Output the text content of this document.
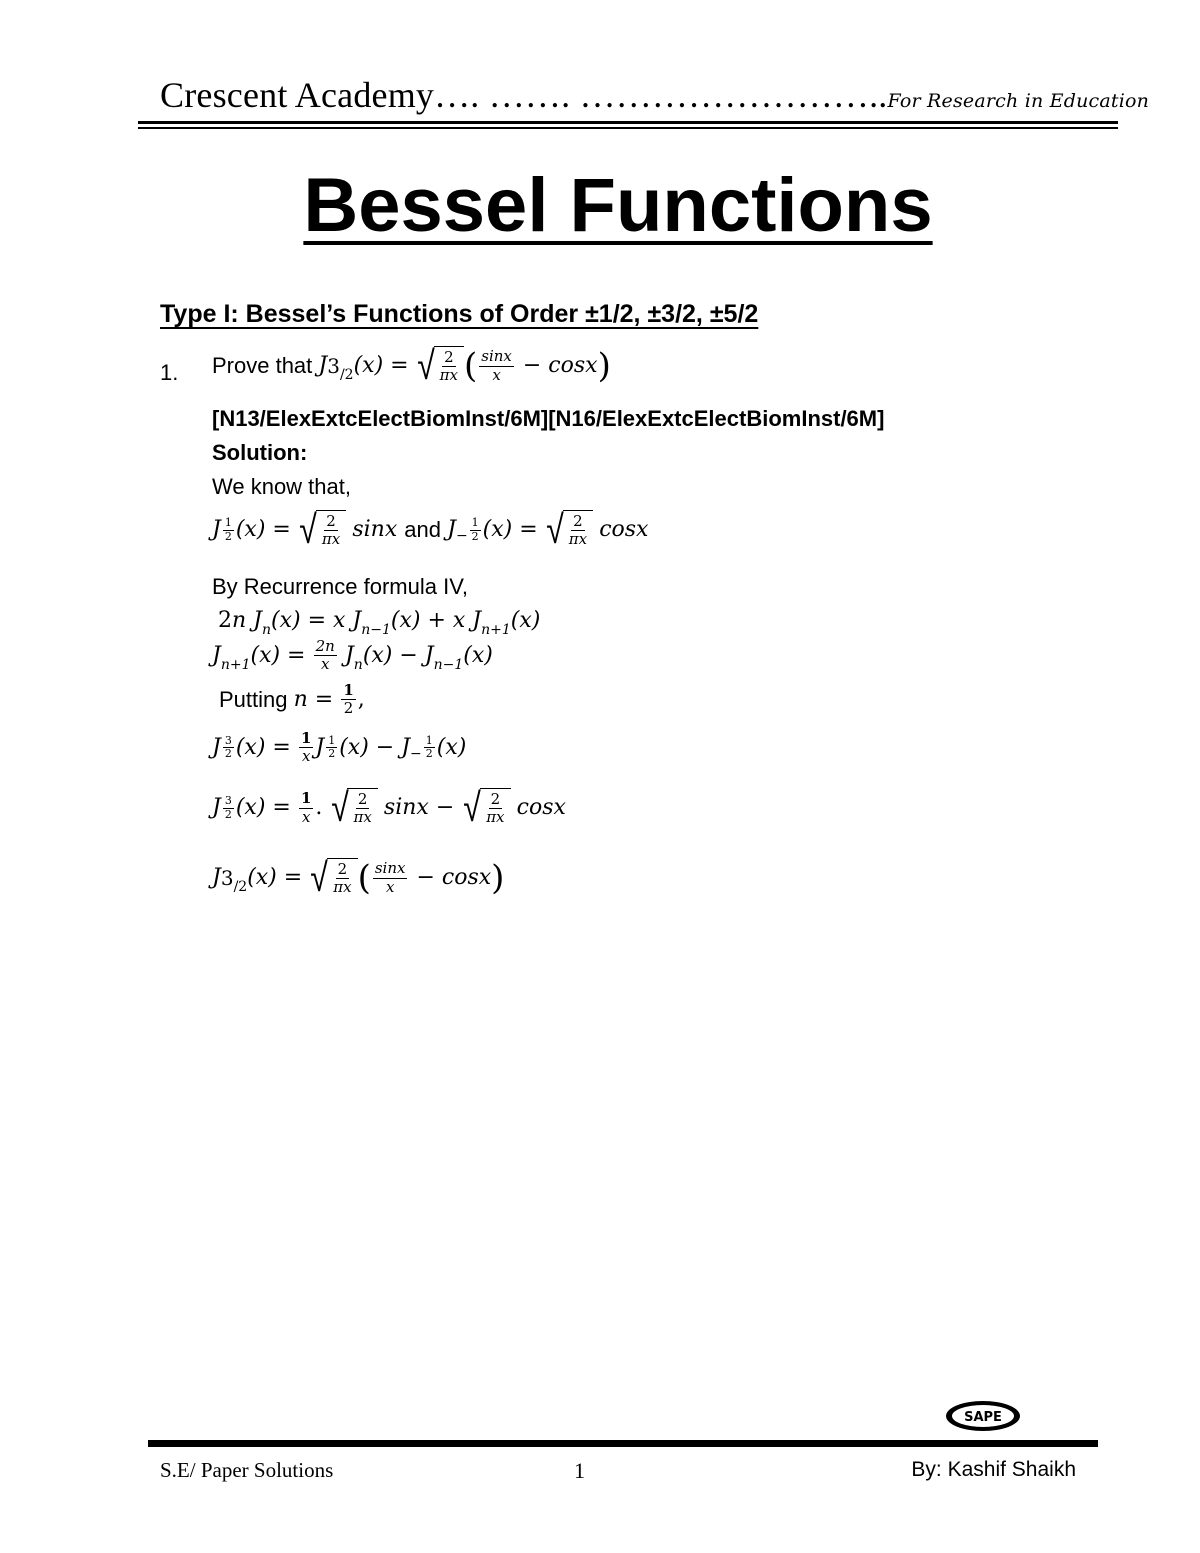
Crescent Academy…. ……. ……………………..For Research in Education
Bessel Functions
Type I: Bessel’s Functions of Order ±1/2, ±3/2, ±5/2
1. Prove that $J3_{/2}(x)$ = √ $\frac{2}{\pi x}$ ( $\frac{\sin x}{x} - \cos x$)
[N13/ElexExtcElectBiomInst/6M][N16/ElexExtcElectBiomInst/6M]
Solution:
We know that,
J $\frac{1}{2} (x)$ = √ $\frac{2}{\pi x}$ sinx and $J_- \frac{1}{2} (x)$ = √ $\frac{2}{\pi x}$ cosx
By Recurrence formula IV,
2n $J_n(x) = x$ $J_{n-1}(x) + x$ $J_{n+1}(x)$
$J_{n+1}(x) = \frac{2n}{x} J_n(x) - J_{n-1}(x)$
Putting $n = \frac{1}{2}$ ,
J $\frac{3}{2} (x) = \frac{1}{x}$ J $\frac{1}{2} (x) - J_- \frac{1}{2} (x)$
J $\frac{3}{2} (x) = \frac{1}{x}$ . √ $\frac{2}{\pi x}$ sinx − √ $\frac{2}{\pi x}$ cosx
$J3_{/2}(x)$ = √ $\frac{2}{\pi x}$ ( $\frac{\sin x}{x} - \cos x$)
SAPE
S.E/ Paper Solutions	1	By: Kashif Shaikh
